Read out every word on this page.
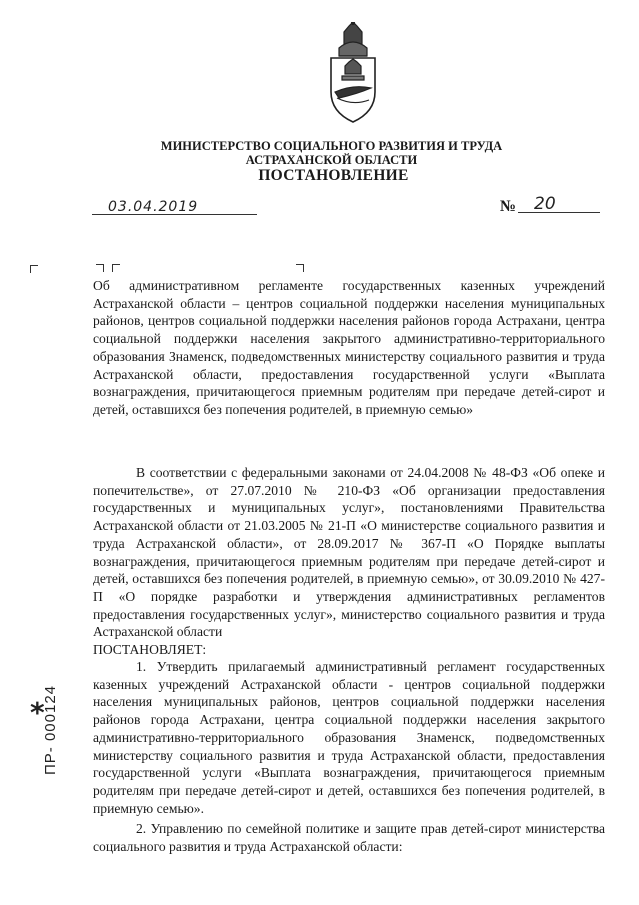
МИНИСТЕРСТВО СОЦИАЛЬНОГО РАЗВИТИЯ И ТРУДА
АСТРАХАНСКОЙ ОБЛАСТИ
ПОСТАНОВЛЕНИЕ
03.04.2019	№ 20

Об административном регламенте государственных казенных учреждений Астраханской области – центров социальной поддержки населения муниципальных районов, центров социальной поддержки населения районов города Астрахани, центра социальной поддержки населения закрытого административно-территориального образования Знаменск, подведомственных министерству социального развития и труда Астраханской области, предоставления государственной услуги «Выплата вознаграждения, причитающегося приемным родителям при передаче детей-сирот и детей, оставшихся без попечения родителей, в приемную семью»

В соответствии с федеральными законами от 24.04.2008 № 48-ФЗ «Об опеке и попечительстве», от 27.07.2010 № 210-ФЗ «Об организации предоставления государственных и муниципальных услуг», постановлениями Правительства Астраханской области от 21.03.2005 № 21-П «О министерстве социального развития и труда Астраханской области», от 28.09.2017 № 367-П «О Порядке выплаты вознаграждения, причитающегося приемным родителям при передаче детей-сирот и детей, оставшихся без попечения родителей, в приемную семью», от 30.09.2010 № 427-П «О порядке разработки и утверждения административных регламентов предоставления государственных услуг», министерство социального развития и труда Астраханской области

ПОСТАНОВЛЯЕТ:

1. Утвердить прилагаемый административный регламент государственных казенных учреждений Астраханской области - центров социальной поддержки населения муниципальных районов, центров социальной поддержки населения районов города Астрахани, центра социальной поддержки населения закрытого административно-территориального образования Знаменск, подведомственных министерству социального развития и труда Астраханской области, предоставления государственной услуги «Выплата вознаграждения, причитающегося приемным родителям при передаче детей-сирот и детей, оставшихся без попечения родителей, в приемную семью».

2. Управлению по семейной политике и защите прав детей-сирот министерства социального развития и труда Астраханской области:

*
ПР- 000124
